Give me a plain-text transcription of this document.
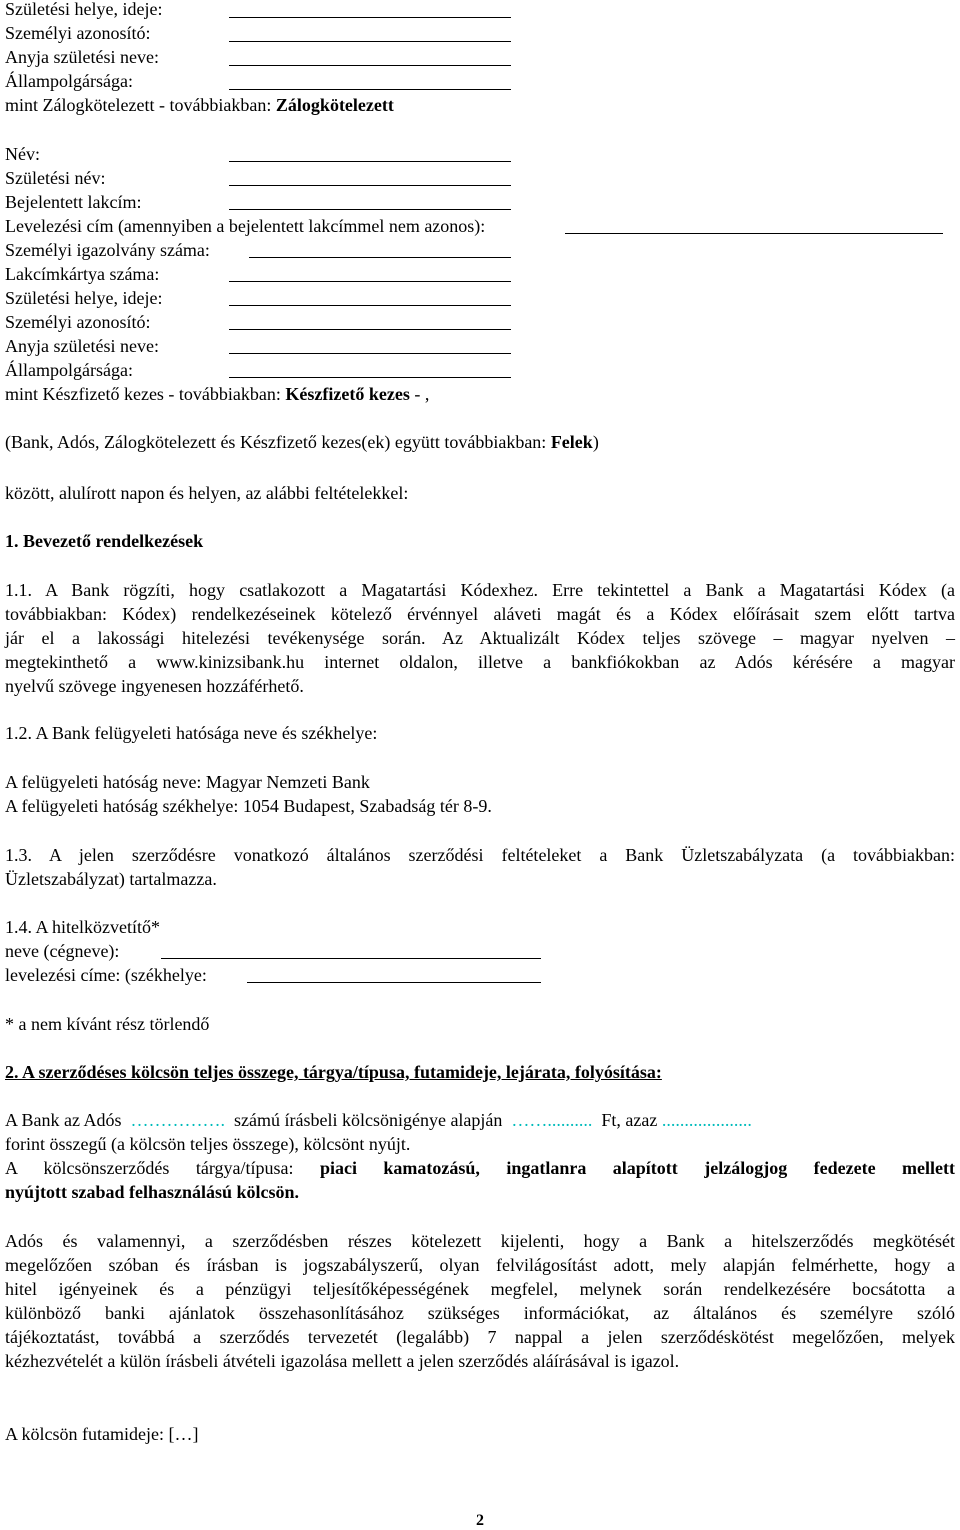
Születési helye, ideje:
Személyi azonosító:
Anyja születési neve:
Állampolgársága:
mint Zálogkötelezett - továbbiakban: Zálogkötelezett
Név:
Születési név:
Bejelentett lakcím:
Levelezési cím (amennyiben a bejelentett lakcímmel nem azonos):
Személyi igazolvány száma:
Lakcímkártya száma:
Születési helye, ideje:
Személyi azonosító:
Anyja születési neve:
Állampolgársága:
mint Készfizető kezes - továbbiakban: Készfizető kezes - ,
(Bank, Adós, Zálogkötelezett és Készfizető kezes(ek) együtt továbbiakban: Felek)
között, alulírott napon és helyen, az alábbi feltételekkel:
1. Bevezető rendelkezések
1.1. A Bank rögzíti, hogy csatlakozott a Magatartási Kódexhez. Erre tekintettel a Bank a Magatartási Kódex (a
továbbiakban: Kódex) rendelkezéseinek kötelező érvénnyel aláveti magát és a Kódex előírásait szem előtt tartva
jár el a lakossági hitelezési tevékenysége során. Az Aktualizált Kódex teljes szövege – magyar nyelven –
megtekinthető a www.kinizsibank.hu internet oldalon, illetve a bankfiókokban az Adós kérésére a magyar
nyelvű szövege ingyenesen hozzáférhető.
1.2. A Bank felügyeleti hatósága neve és székhelye:
A felügyeleti hatóság neve: Magyar Nemzeti Bank
A felügyeleti hatóság székhelye: 1054 Budapest, Szabadság tér 8-9.
1.3. A jelen szerződésre vonatkozó általános szerződési feltételeket a Bank Üzletszabályzata (a továbbiakban:
Üzletszabályzat) tartalmazza.
1.4. A hitelközvetítő*
neve (cégneve):
levelezési címe: (székhelye:
* a nem kívánt rész törlendő
2. A szerződéses kölcsön teljes összege, tárgya/típusa, futamideje, lejárata, folyósítása:
A Bank az Adós ……………. számú írásbeli kölcsönigénye alapján …….......... Ft, azaz ....................
forint összegű (a kölcsön teljes összege), kölcsönt nyújt.
A kölcsönszerződés tárgya/típusa: piaci kamatozású, ingatlanra alapított jelzálogjog fedezete mellett
nyújtott szabad felhasználású kölcsön.
Adós és valamennyi, a szerződésben részes kötelezett kijelenti, hogy a Bank a hitelszerződés megkötését
megelőzően szóban és írásban is jogszabályszerű, olyan felvilágosítást adott, mely alapján felmérhette, hogy a
hitel igényeinek és a pénzügyi teljesítőképességének megfelel, melynek során rendelkezésére bocsátotta a
különböző banki ajánlatok összehasonlításához szükséges információkat, az általános és személyre szóló
tájékoztatást, továbbá a szerződés tervezetét (legalább) 7 nappal a jelen szerződéskötést megelőzően, melyek
kézhezvételét a külön írásbeli átvételi igazolása mellett a jelen szerződés aláírásával is igazol.
A kölcsön futamideje: […]
2
